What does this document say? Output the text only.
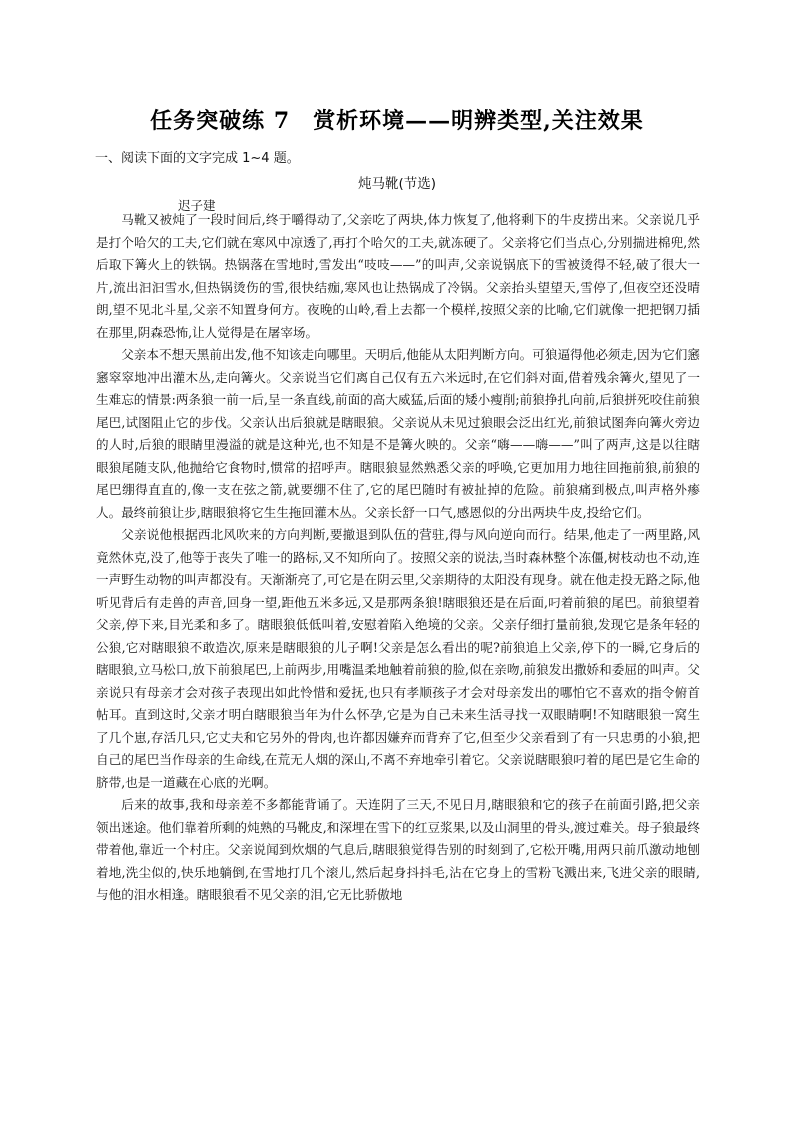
任务突破练 7　赏析环境——明辨类型,关注效果
一、阅读下面的文字完成 1~4 题。
炖马靴(节选)
迟子建

马靴又被炖了一段时间后,终于嚼得动了,父亲吃了两块,体力恢复了,他将剩下的牛皮捞出来。父亲说几乎是打个哈欠的工夫,它们就在寒风中凉透了,再打个哈欠的工夫,就冻硬了。父亲将它们当点心,分别揣进棉兜,然后取下篝火上的铁锅。热锅落在雪地时,雪发出“吱吱——”的叫声,父亲说锅底下的雪被烫得不轻,破了很大一片,流出汩汩雪水,但热锅烫伤的雪,很快结痂,寒风也让热锅成了冷锅。父亲抬头望望天,雪停了,但夜空还没晴朗,望不见北斗星,父亲不知置身何方。夜晚的山岭,看上去都一个模样,按照父亲的比喻,它们就像一把把钢刀插在那里,阴森恐怖,让人觉得是在屠宰场。

父亲本不想天黑前出发,他不知该走向哪里。天明后,他能从太阳判断方向。可狼逼得他必须走,因为它们窸窸窣窣地冲出灌木丛,走向篝火。父亲说当它们离自己仅有五六米远时,在它们斜对面,借着残余篝火,望见了一生难忘的情景:两条狼一前一后,呈一条直线,前面的高大威猛,后面的矮小瘦削;前狼挣扎向前,后狼拼死咬住前狼尾巴,试图阻止它的步伐。父亲认出后狼就是瞎眼狼。父亲说从未见过狼眼会泛出红光,前狼试图奔向篝火旁边的人时,后狼的眼睛里漫溢的就是这种光,也不知是不是篝火映的。父亲“嗨——嗨——”叫了两声,这是以往瞎眼狼尾随支队,他抛给它食物时,惯常的招呼声。瞎眼狼显然熟悉父亲的呼唤,它更加用力地往回拖前狼,前狼的尾巴绷得直直的,像一支在弦之箭,就要绷不住了,它的尾巴随时有被扯掉的危险。前狼痛到极点,叫声格外瘆人。最终前狼让步,瞎眼狼将它生生拖回灌木丛。父亲长舒一口气,感恩似的分出两块牛皮,投给它们。

父亲说他根据西北风吹来的方向判断,要撤退到队伍的营驻,得与风向逆向而行。结果,他走了一两里路,风竟然休克,没了,他等于丧失了唯一的路标,又不知所向了。按照父亲的说法,当时森林整个冻僵,树枝动也不动,连一声野生动物的叫声都没有。天渐渐亮了,可它是在阴云里,父亲期待的太阳没有现身。就在他走投无路之际,他听见背后有走兽的声音,回身一望,距他五米多远,又是那两条狼!瞎眼狼还是在后面,叼着前狼的尾巴。前狼望着父亲,停下来,目光柔和多了。瞎眼狼低低叫着,安慰着陷入绝境的父亲。父亲仔细打量前狼,发现它是条年轻的公狼,它对瞎眼狼不敢造次,原来是瞎眼狼的儿子啊!父亲是怎么看出的呢?前狼追上父亲,停下的一瞬,它身后的瞎眼狼,立马松口,放下前狼尾巴,上前两步,用嘴温柔地触着前狼的脸,似在亲吻,前狼发出撒娇和委屈的叫声。父亲说只有母亲才会对孩子表现出如此怜惜和爱抚,也只有孝顺孩子才会对母亲发出的哪怕它不喜欢的指令俯首帖耳。直到这时,父亲才明白瞎眼狼当年为什么怀孕,它是为自己未来生活寻找一双眼睛啊!不知瞎眼狼一窝生了几个崽,存活几只,它丈夫和它另外的骨肉,也许都因嫌弃而背弃了它,但至少父亲看到了有一只忠勇的小狼,把自己的尾巴当作母亲的生命线,在荒无人烟的深山,不离不弃地牵引着它。父亲说瞎眼狼叼着的尾巴是它生命的脐带,也是一道藏在心底的光啊。

后来的故事,我和母亲差不多都能背诵了。天连阴了三天,不见日月,瞎眼狼和它的孩子在前面引路,把父亲领出迷途。他们靠着所剩的炖熟的马靴皮,和深埋在雪下的红豆浆果,以及山洞里的骨头,渡过难关。母子狼最终带着他,靠近一个村庄。父亲说闻到炊烟的气息后,瞎眼狼觉得告别的时刻到了,它松开嘴,用两只前爪激动地刨着地,洗尘似的,快乐地躺倒,在雪地打几个滚儿,然后起身抖抖毛,沾在它身上的雪粉飞溅出来,飞进父亲的眼睛,与他的泪水相逢。瞎眼狼看不见父亲的泪,它无比骄傲地
